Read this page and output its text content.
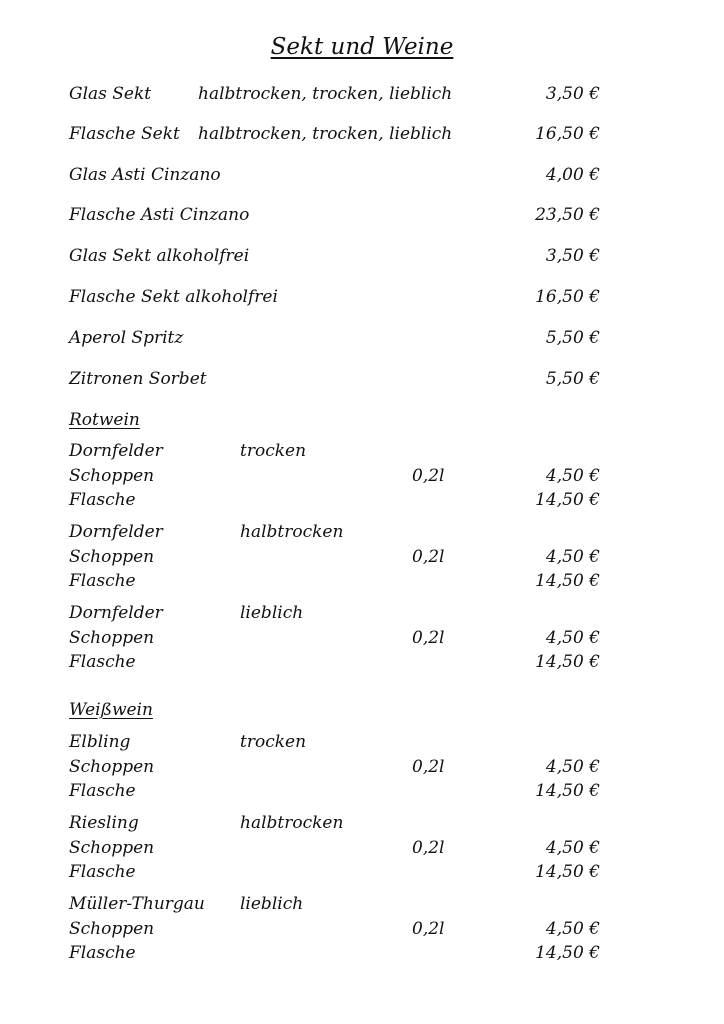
Sekt und Weine
Glas Sekt	halbtrocken, trocken, lieblich	3,50 €
Flasche Sekt halbtrocken, trocken, lieblich	16,50 €
Glas Asti Cinzano	4,00 €
Flasche Asti Cinzano	23,50 €
Glas Sekt alkoholfrei	3,50 €
Flasche Sekt alkoholfrei	16,50 €
Aperol Spritz	5,50 €
Zitronen Sorbet	5,50 €
Rotwein
Dornfelder	trocken
Schoppen	0,2l	4,50 €
Flasche	14,50 €
Dornfelder	halbtrocken
Schoppen	0,2l	4,50 €
Flasche	14,50 €
Dornfelder	lieblich
Schoppen	0,2l	4,50 €
Flasche	14,50 €
Weißwein
Elbling	trocken
Schoppen	0,2l	4,50 €
Flasche	14,50 €
Riesling	halbtrocken
Schoppen	0,2l	4,50 €
Flasche	14,50 €
Müller-Thurgau lieblich
Schoppen	0,2l	4,50 €
Flasche	14,50 €
